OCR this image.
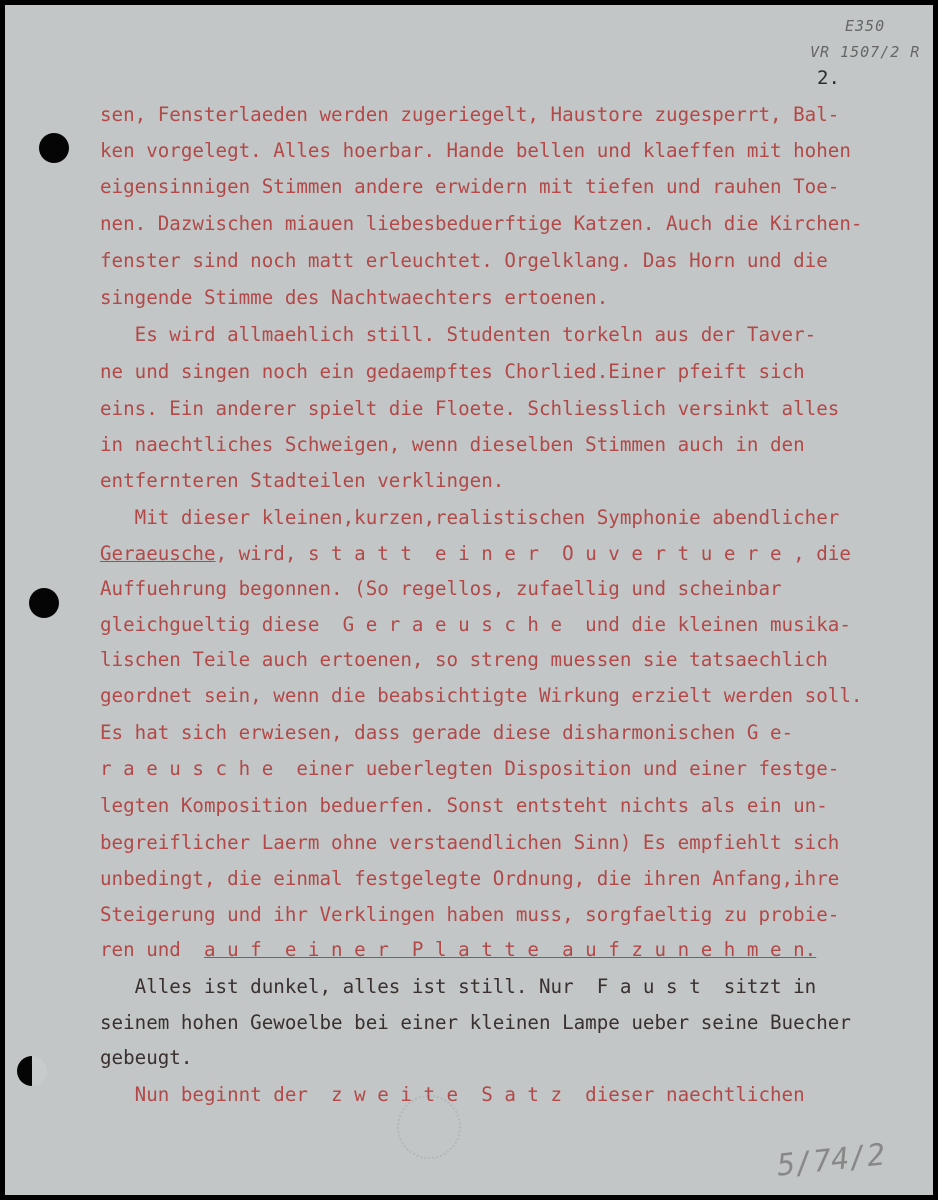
E350
VR 1507/2 R
2.
sen, Fensterlaeden werden zugeriegelt, Haustore zugesperrt, Bal-
ken vorgelegt. Alles hoerbar. Hande bellen und klaeffen mit hohen
eigensinnigen Stimmen andere erwidern mit tiefen und rauhen Toe-
nen. Dazwischen miauen liebesbeduerftige Katzen. Auch die Kirchen-
fenster sind noch matt erleuchtet. Orgelklang. Das Horn und die
singende Stimme des Nachtwaechters ertoenen.
Es wird allmaehlich still. Studenten torkeln aus der Taver-
ne und singen noch ein gedaempftes Chorlied.Einer pfeift sich
eins. Ein anderer spielt die Floete. Schliesslich versinkt alles
in naechtliches Schweigen, wenn dieselben Stimmen auch in den
entfernteren Stadteilen verklingen.
Mit dieser kleinen,kurzen,realistischen Symphonie abendlicher
Geraeusche, wird, s t a t t  e i n e r  O u v e r t u e r e , die
Auffuehrung begonnen. (So regellos, zufaellig und scheinbar
gleichgueltig diese  G e r a e u s c h e  und die kleinen musika-
lischen Teile auch ertoenen, so streng muessen sie tatsaechlich
geordnet sein, wenn die beabsichtigte Wirkung erzielt werden soll.
Es hat sich erwiesen, dass gerade diese disharmonischen G e-
r a e u s c h e  einer ueberlegten Disposition und einer festge-
legten Komposition beduerfen. Sonst entsteht nichts als ein un-
begreiflicher Laerm ohne verstaendlichen Sinn) Es empfiehlt sich
unbedingt, die einmal festgelegte Ordnung, die ihren Anfang,ihre
Steigerung und ihr Verklingen haben muss, sorgfaeltig zu probie-
ren und  a u f  e i n e r  P l a t t e  a u f z u n e h m e n.
Alles ist dunkel, alles ist still. Nur  F a u s t  sitzt in
seinem hohen Gewoelbe bei einer kleinen Lampe ueber seine Buecher
gebeugt.
Nun beginnt der  z w e i t e  S a t z  dieser naechtlichen
5/74/2
